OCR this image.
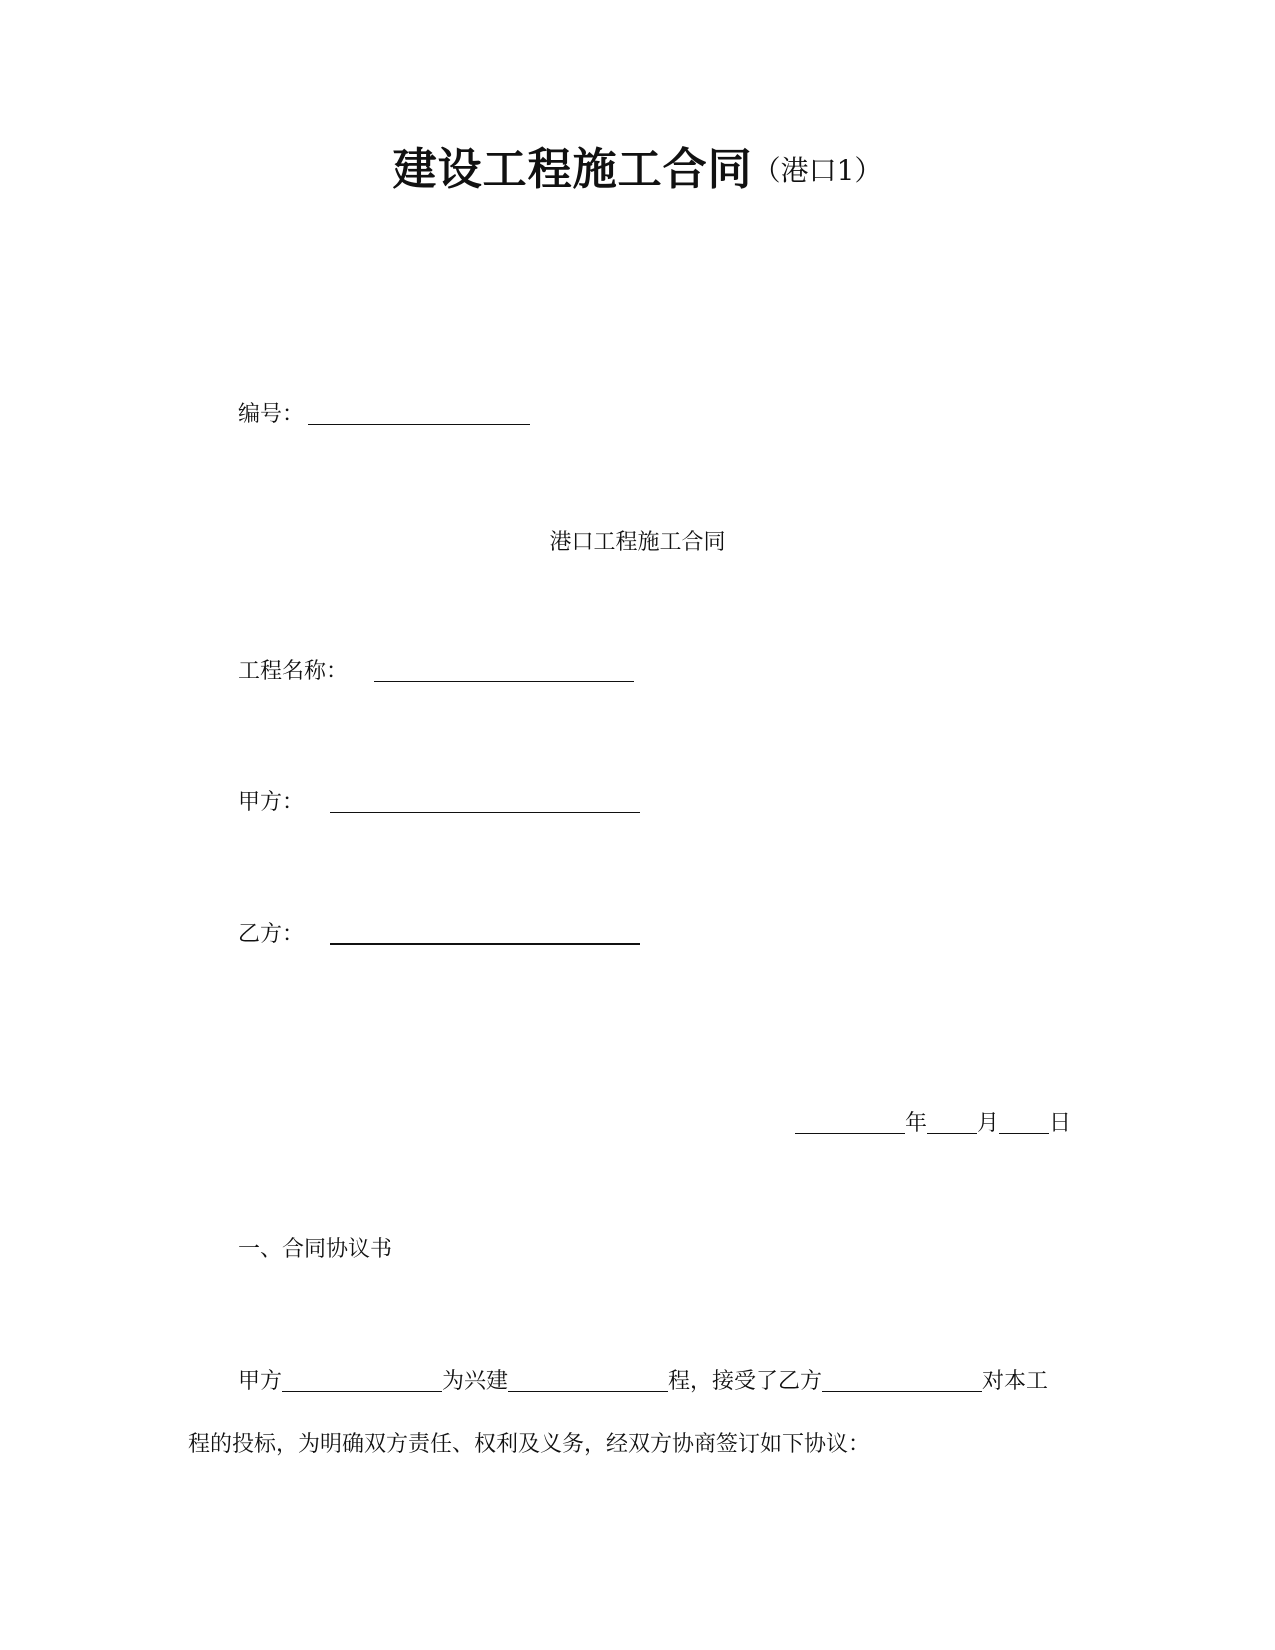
建设工程施工合同（港口1）
编号：
港口工程施工合同
工程名称：
甲方：
乙方：
年 月 日
一、合同协议书
甲方	为兴建	程，接受了乙方	对本工
程的投标，为明确双方责任、权利及义务，经双方协商签订如下协议：
